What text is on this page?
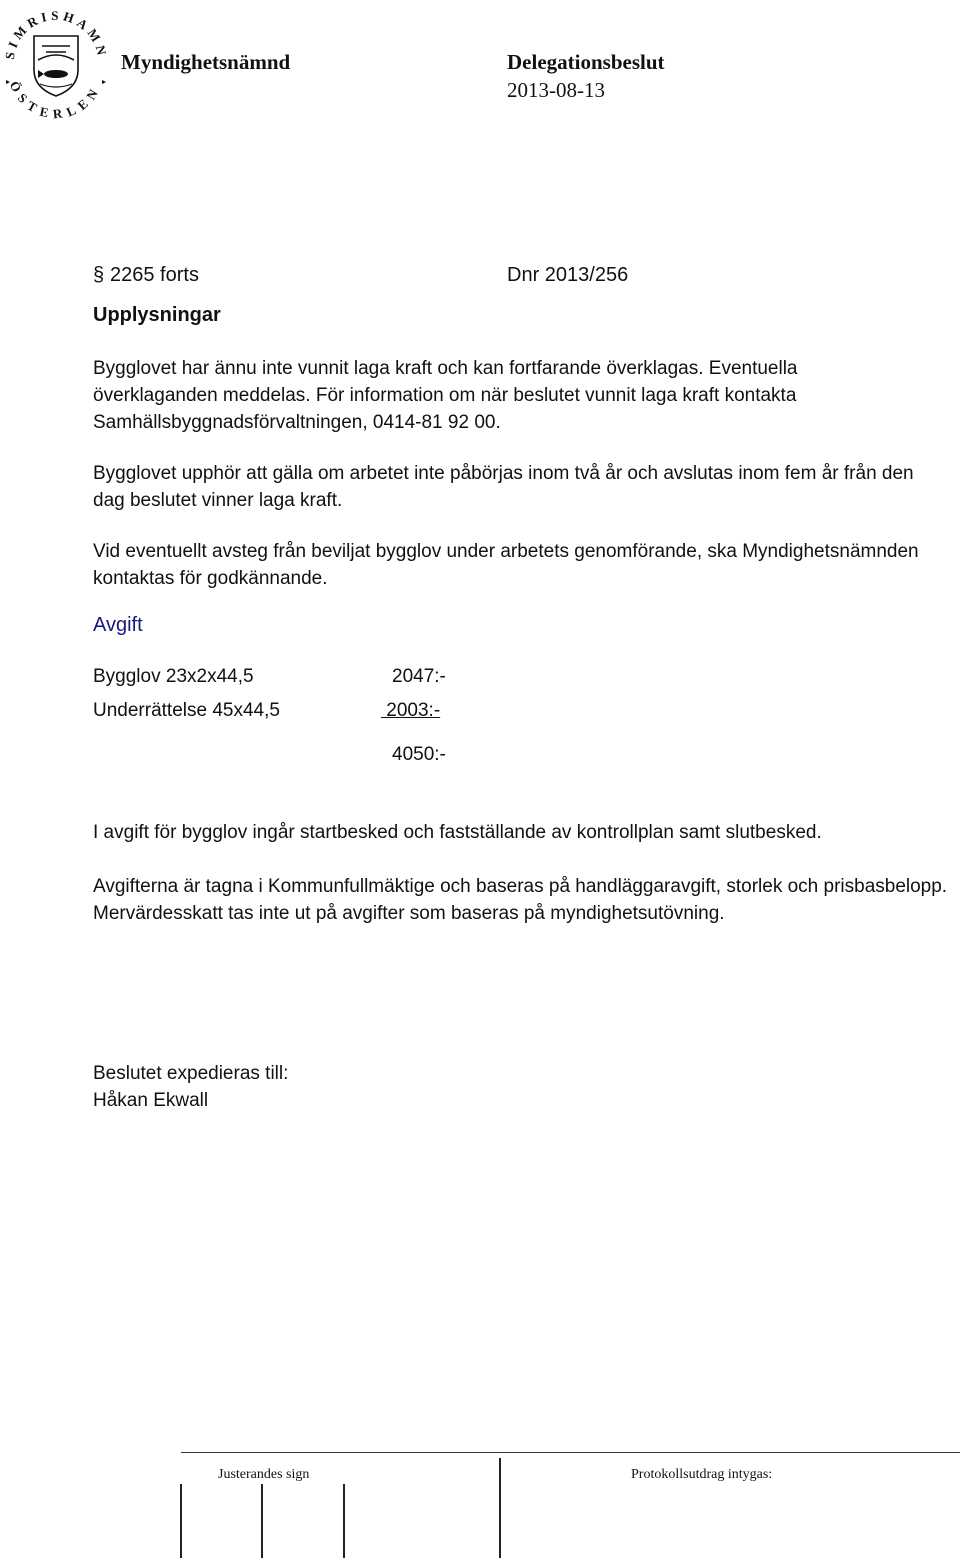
SIMRISHAMN
ÖSTERLEN
Myndighetsnämnd	Delegationsbeslut
2013-08-13
§ 2265 forts	Dnr 2013/256
Upplysningar
Bygglovet har ännu inte vunnit laga kraft och kan fortfarande överklagas. Eventuella överklaganden meddelas. För information om när beslutet vunnit laga kraft kontakta Samhällsbyggnadsförvaltningen, 0414-81 92 00.
Bygglovet upphör att gälla om arbetet inte påbörjas inom två år och avslutas inom fem år från den dag beslutet vinner laga kraft.
Vid eventuellt avsteg från beviljat bygglov under arbetets genomförande, ska Myndighetsnämnden kontaktas för godkännande.
Avgift
Bygglov 23x2x44,5	2047:-
Underrättelse 45x44,5	2003:-
4050:-
I avgift för bygglov ingår startbesked och fastställande av kontrollplan samt slutbesked.
Avgifterna är tagna i Kommunfullmäktige och baseras på handläggaravgift, storlek och prisbasbelopp. Mervärdesskatt tas inte ut på avgifter som baseras på myndighetsutövning.
Beslutet expedieras till:
Håkan Ekwall
Justerandes sign	Protokollsutdrag intygas:
